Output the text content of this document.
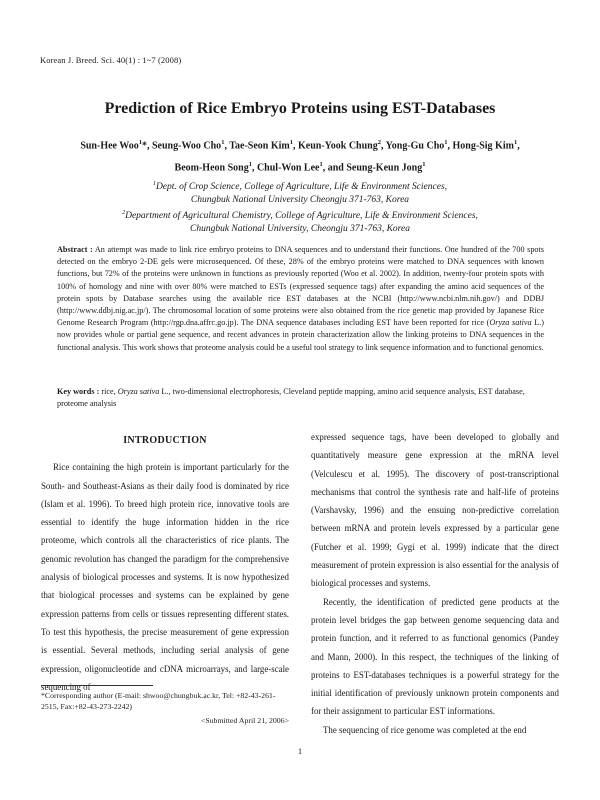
Korean J. Breed. Sci. 40(1) : 1~7 (2008)
Prediction of Rice Embryo Proteins using EST-Databases
Sun-Hee Woo$^1$*, Seung-Woo Cho$^1$, Tae-Seon Kim$^1$, Keun-Yook Chung$^2$, Yong-Gu Cho$^1$, Hong-Sig Kim$^1$,
Beom-Heon Song$^1$, Chul-Won Lee$^1$, and Seung-Keun Jong$^1$
$^1$Dept. of Crop Science, College of Agriculture, Life & Environment Sciences,
Chungbuk National University Cheongju 371-763, Korea
$^2$Department of Agricultural Chemistry, College of Agriculture, Life & Environment Sciences,
Chungbuk National University, Cheongju 371-763, Korea
Abstract : An attempt was made to link rice embryo proteins to DNA sequences and to understand their functions. One hundred of the 700 spots detected on the embryo 2-DE gels were microsequenced. Of these, 28% of the embryo proteins were matched to DNA sequences with known functions, but 72% of the proteins were unknown in functions as previously reported (Woo et al. 2002). In addition, twenty-four protein spots with 100% of homology and nine with over 80% were matched to ESTs (expressed sequence tags) after expanding the amino acid sequences of the protein spots by Database searches using the available rice EST databases at the NCBI (http://www.ncbi.nlm.nih.gov/) and DDBJ (http://www.ddbj.nig.ac.jp/). The chromosomal location of some proteins were also obtained from the rice genetic map provided by Japanese Rice Genome Research Program (http://rgp.dna.affrc.go.jp). The DNA sequence databases including EST have been reported for rice (Oryza sativa L.) now provides whole or partial gene sequence, and recent advances in protein characterization allow the linking proteins to DNA sequences in the functional analysis. This work shows that proteome analysis could be a useful tool strategy to link sequence information and to functional genomics.
Key words : rice, Oryza sativa L., two-dimensional electrophoresis, Cleveland peptide mapping, amino acid sequence analysis, EST database, proteome analysis
INTRODUCTION

Rice containing the high protein is important particularly for the South- and Southeast-Asians as their daily food is dominated by rice (Islam et al. 1996). To breed high protein rice, innovative tools are essential to identify the huge information hidden in the rice proteome, which controls all the characteristics of rice plants. The genomic revolution has changed the paradigm for the comprehensive analysis of biological processes and systems. It is now hypothesized that biological processes and systems can be explained by gene expression patterns from cells or tissues representing different states. To test this hypothesis, the precise measurement of gene expression is essential. Several methods, including serial analysis of gene expression, oligonucleotide and cDNA microarrays, and large-scale sequencing of

expressed sequence tags, have been developed to globally and quantitatively measure gene expression at the mRNA level (Velculescu et al. 1995). The discovery of post-transcriptional mechanisms that control the synthesis rate and half-life of proteins (Varshavsky, 1996) and the ensuing non-predictive correlation between mRNA and protein levels expressed by a particular gene (Futcher et al. 1999; Gygi et al. 1999) indicate that the direct measurement of protein expression is also essential for the analysis of biological processes and systems.

Recently, the identification of predicted gene products at the protein level bridges the gap between genome sequencing data and protein function, and it referred to as functional genomics (Pandey and Mann, 2000). In this respect, the techniques of the linking of proteins to EST-databases techniques is a powerful strategy for the initial identification of previously unknown protein components and for their assignment to particular EST informations.

The sequencing of rice genome was completed at the end

*Corresponding author (E-mail: shwoo@chungbuk.ac.kr, Tel: +82-43-261-2515, Fax:+82-43-273-2242)
<Submitted April 21, 2006>
1
